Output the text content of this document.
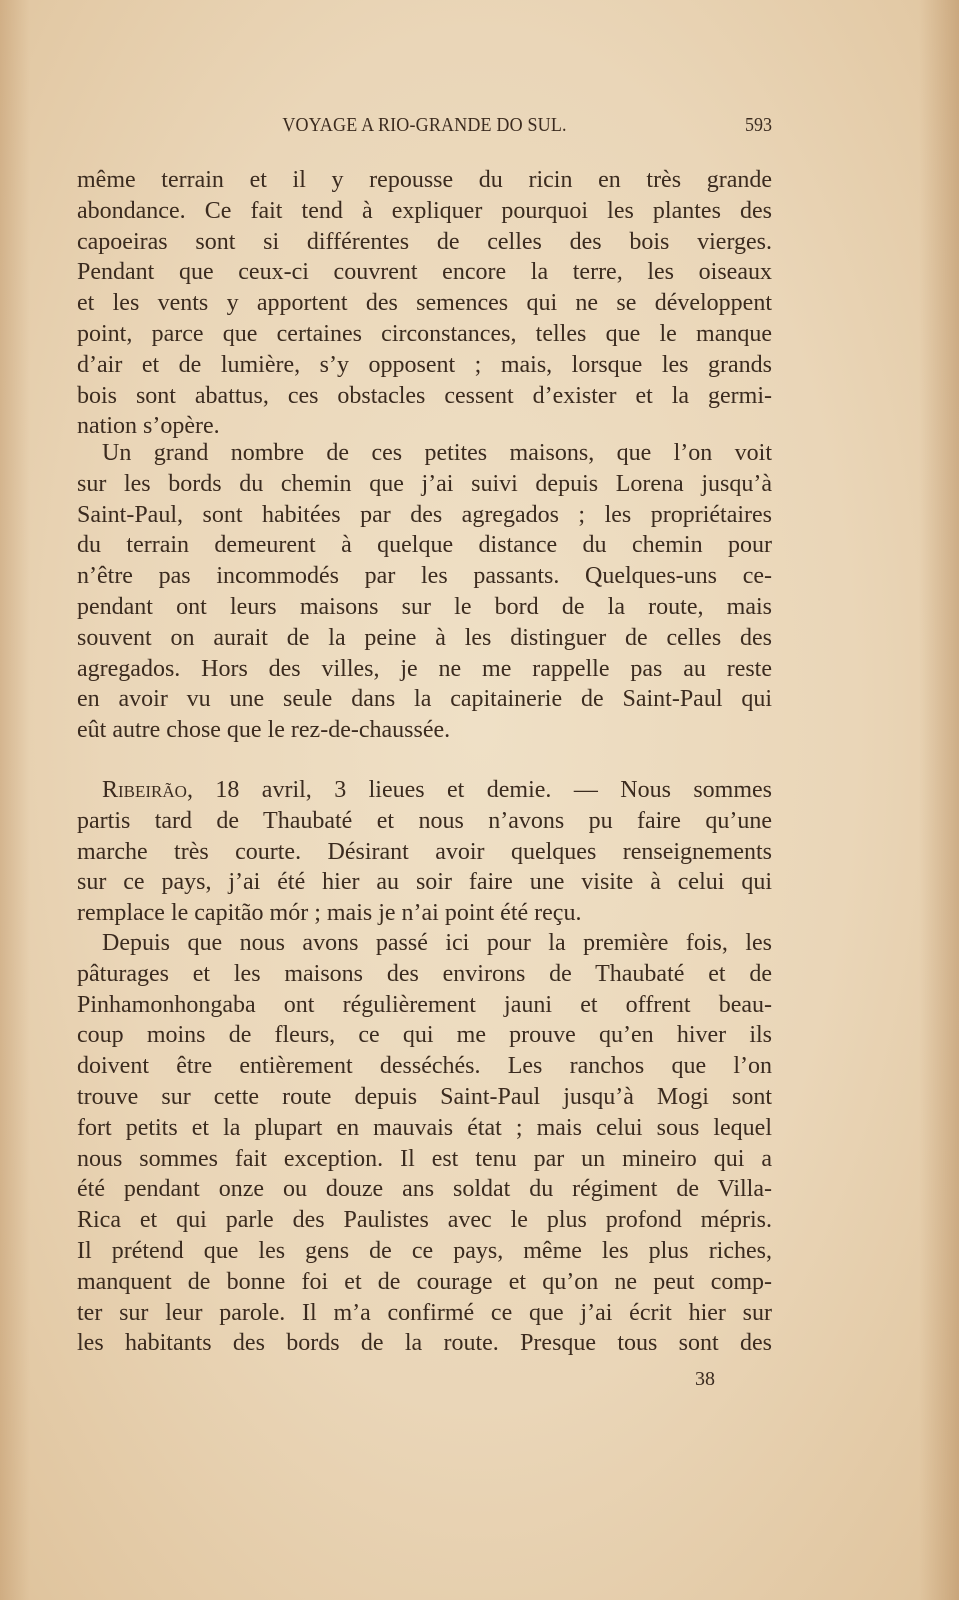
VOYAGE A RIO-GRANDE DO SUL.	593
même terrain et il y repousse du ricin en très grande
abondance. Ce fait tend à expliquer pourquoi les plantes des
capoeiras sont si différentes de celles des bois vierges.
Pendant que ceux-ci couvrent encore la terre, les oiseaux
et les vents y apportent des semences qui ne se développent
point, parce que certaines circonstances, telles que le manque
d’air et de lumière, s’y opposent ; mais, lorsque les grands
bois sont abattus, ces obstacles cessent d’exister et la germi-
nation s’opère.
Un grand nombre de ces petites maisons, que l’on voit
sur les bords du chemin que j’ai suivi depuis Lorena jusqu’à
Saint-Paul, sont habitées par des agregados ; les propriétaires
du terrain demeurent à quelque distance du chemin pour
n’être pas incommodés par les passants. Quelques-uns ce-
pendant ont leurs maisons sur le bord de la route, mais
souvent on aurait de la peine à les distinguer de celles des
agregados. Hors des villes, je ne me rappelle pas au reste
en avoir vu une seule dans la capitainerie de Saint-Paul qui
eût autre chose que le rez-de-chaussée.
Ribeirão, 18 avril, 3 lieues et demie. — Nous sommes
partis tard de Thaubaté et nous n’avons pu faire qu’une
marche très courte. Désirant avoir quelques renseignements
sur ce pays, j’ai été hier au soir faire une visite à celui qui
remplace le capitão mór ; mais je n’ai point été reçu.
Depuis que nous avons passé ici pour la première fois, les
pâturages et les maisons des environs de Thaubaté et de
Pinhamonhongaba ont régulièrement jauni et offrent beau-
coup moins de fleurs, ce qui me prouve qu’en hiver ils
doivent être entièrement desséchés. Les ranchos que l’on
trouve sur cette route depuis Saint-Paul jusqu’à Mogi sont
fort petits et la plupart en mauvais état ; mais celui sous lequel
nous sommes fait exception. Il est tenu par un mineiro qui a
été pendant onze ou douze ans soldat du régiment de Villa-
Rica et qui parle des Paulistes avec le plus profond mépris.
Il prétend que les gens de ce pays, même les plus riches,
manquent de bonne foi et de courage et qu’on ne peut comp-
ter sur leur parole. Il m’a confirmé ce que j’ai écrit hier sur
les habitants des bords de la route. Presque tous sont des
38
